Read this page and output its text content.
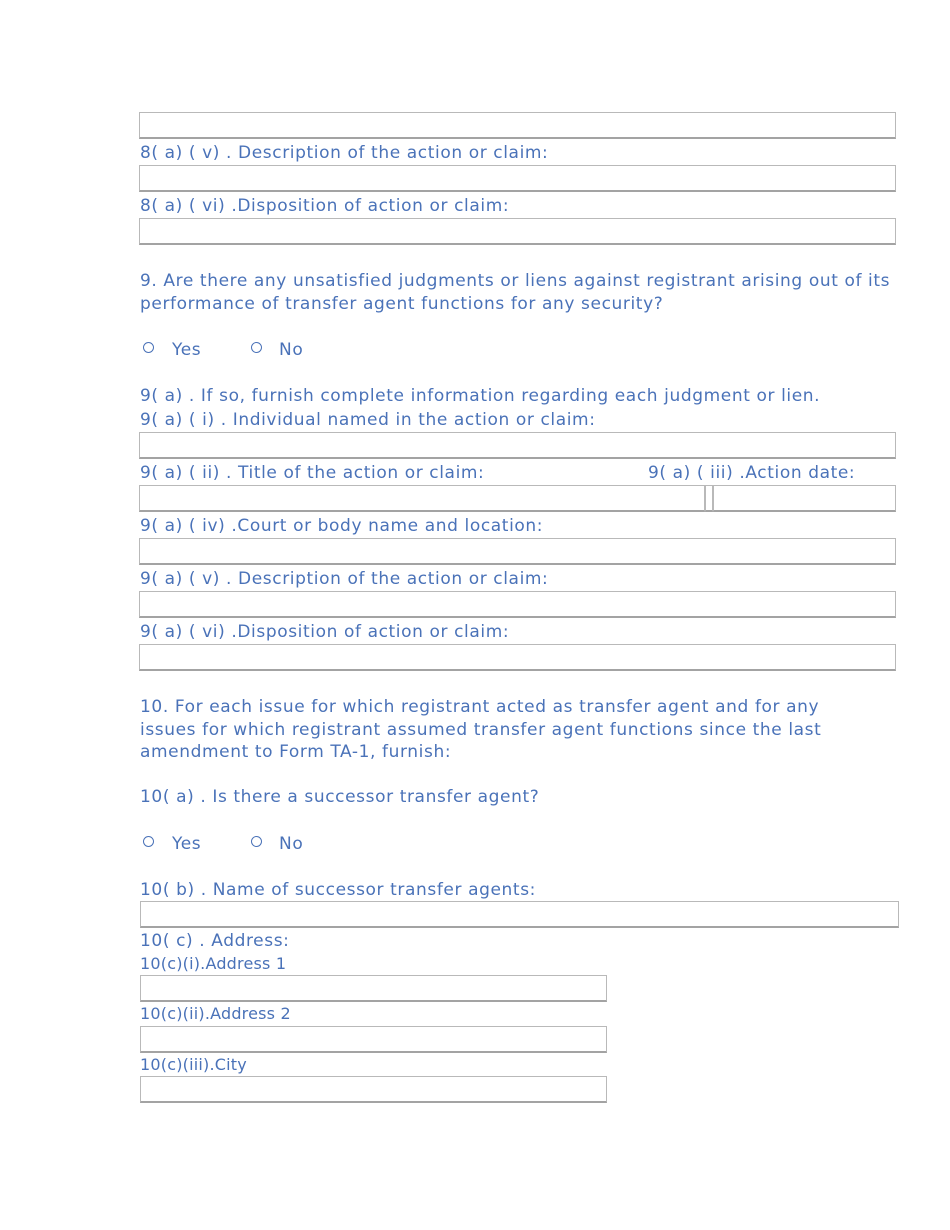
8( a) ( v) . Description of the action or claim:
8( a) ( vi) .Disposition of action or claim:
9. Are there any unsatisfied judgments or liens against registrant arising out of its performance of transfer agent functions for any security?
Yes	No
9( a) . If so, furnish complete information regarding each judgment or lien.
9( a) ( i) . Individual named in the action or claim:
9( a) ( ii) . Title of the action or claim:	9( a) ( iii) .Action date:
9( a) ( iv) .Court or body name and location:
9( a) ( v) . Description of the action or claim:
9( a) ( vi) .Disposition of action or claim:
10. For each issue for which registrant acted as transfer agent and for any issues for which registrant assumed transfer agent functions since the last amendment to Form TA-1, furnish:
10( a) . Is there a successor transfer agent?
Yes	No
10( b) . Name of successor transfer agents:
10( c) . Address:
10(c)(i).Address 1
10(c)(ii).Address 2
10(c)(iii).City
